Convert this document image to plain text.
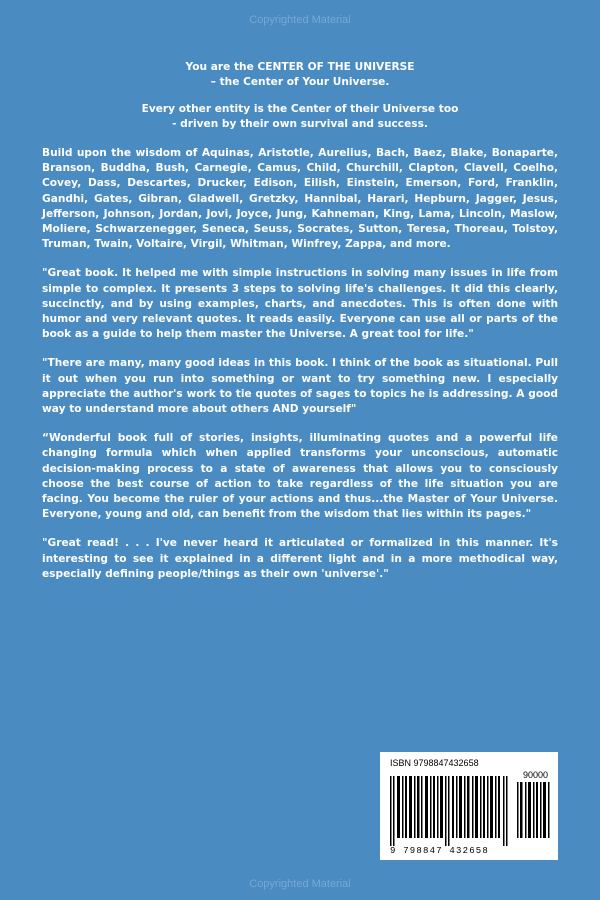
Copyrighted Material

You are the CENTER OF THE UNIVERSE

– the Center of Your Universe.

Every other entity is the Center of their Universe too

- driven by their own survival and success.

Build upon the wisdom of Aquinas, Aristotle, Aurelius, Bach, Baez, Blake, Bonaparte, Branson, Buddha, Bush, Carnegie, Camus, Child, Churchill, Clapton, Clavell, Coelho, Covey, Dass, Descartes, Drucker, Edison, Eilish, Einstein, Emerson, Ford, Franklin, Gandhi, Gates, Gibran, Gladwell, Gretzky, Hannibal, Harari, Hepburn, Jagger, Jesus, Jefferson, Johnson, Jordan, Jovi, Joyce, Jung, Kahneman, King, Lama, Lincoln, Maslow, Moliere, Schwarzenegger, Seneca, Seuss, Socrates, Sutton, Teresa, Thoreau, Tolstoy, Truman, Twain, Voltaire, Virgil, Whitman, Winfrey, Zappa, and more.

"Great book. It helped me with simple instructions in solving many issues in life from simple to complex. It presents 3 steps to solving life's challenges. It did this clearly, succinctly, and by using examples, charts, and anecdotes. This is often done with humor and very relevant quotes. It reads easily. Everyone can use all or parts of the book as a guide to help them master the Universe. A great tool for life."

"There are many, many good ideas in this book. I think of the book as situational. Pull it out when you run into something or want to try something new. I especially appreciate the author's work to tie quotes of sages to topics he is addressing. A good way to understand more about others AND yourself"

“Wonderful book full of stories, insights, illuminating quotes and a powerful life changing formula which when applied transforms your unconscious, automatic decision-making process to a state of awareness that allows you to consciously choose the best course of action to take regardless of the life situation you are facing. You become the ruler of your actions and thus...the Master of Your Universe. Everyone, young and old, can benefit from the wisdom that lies within its pages."

"Great read! . . . I've never heard it articulated or formalized in this manner. It's interesting to see it explained in a different light and in a more methodical way, especially defining people/things as their own 'universe'."

ISBN 9798847432658
90000
9 798847 432658
Copyrighted Material
